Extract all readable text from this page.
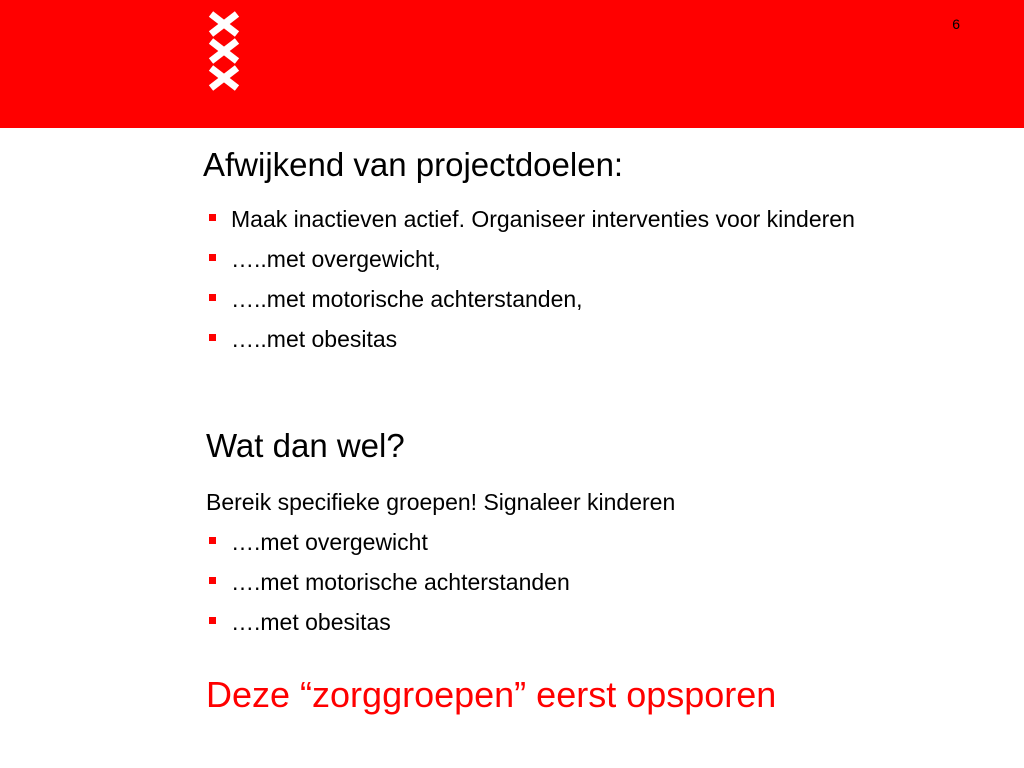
6
Afwijkend van projectdoelen:
Maak inactieven actief. Organiseer interventies voor kinderen
…..met overgewicht,
…..met motorische achterstanden,
…..met obesitas
Wat dan wel?
Bereik specifieke groepen! Signaleer kinderen
….met overgewicht
….met motorische achterstanden
….met obesitas
Deze “zorggroepen” eerst opsporen
